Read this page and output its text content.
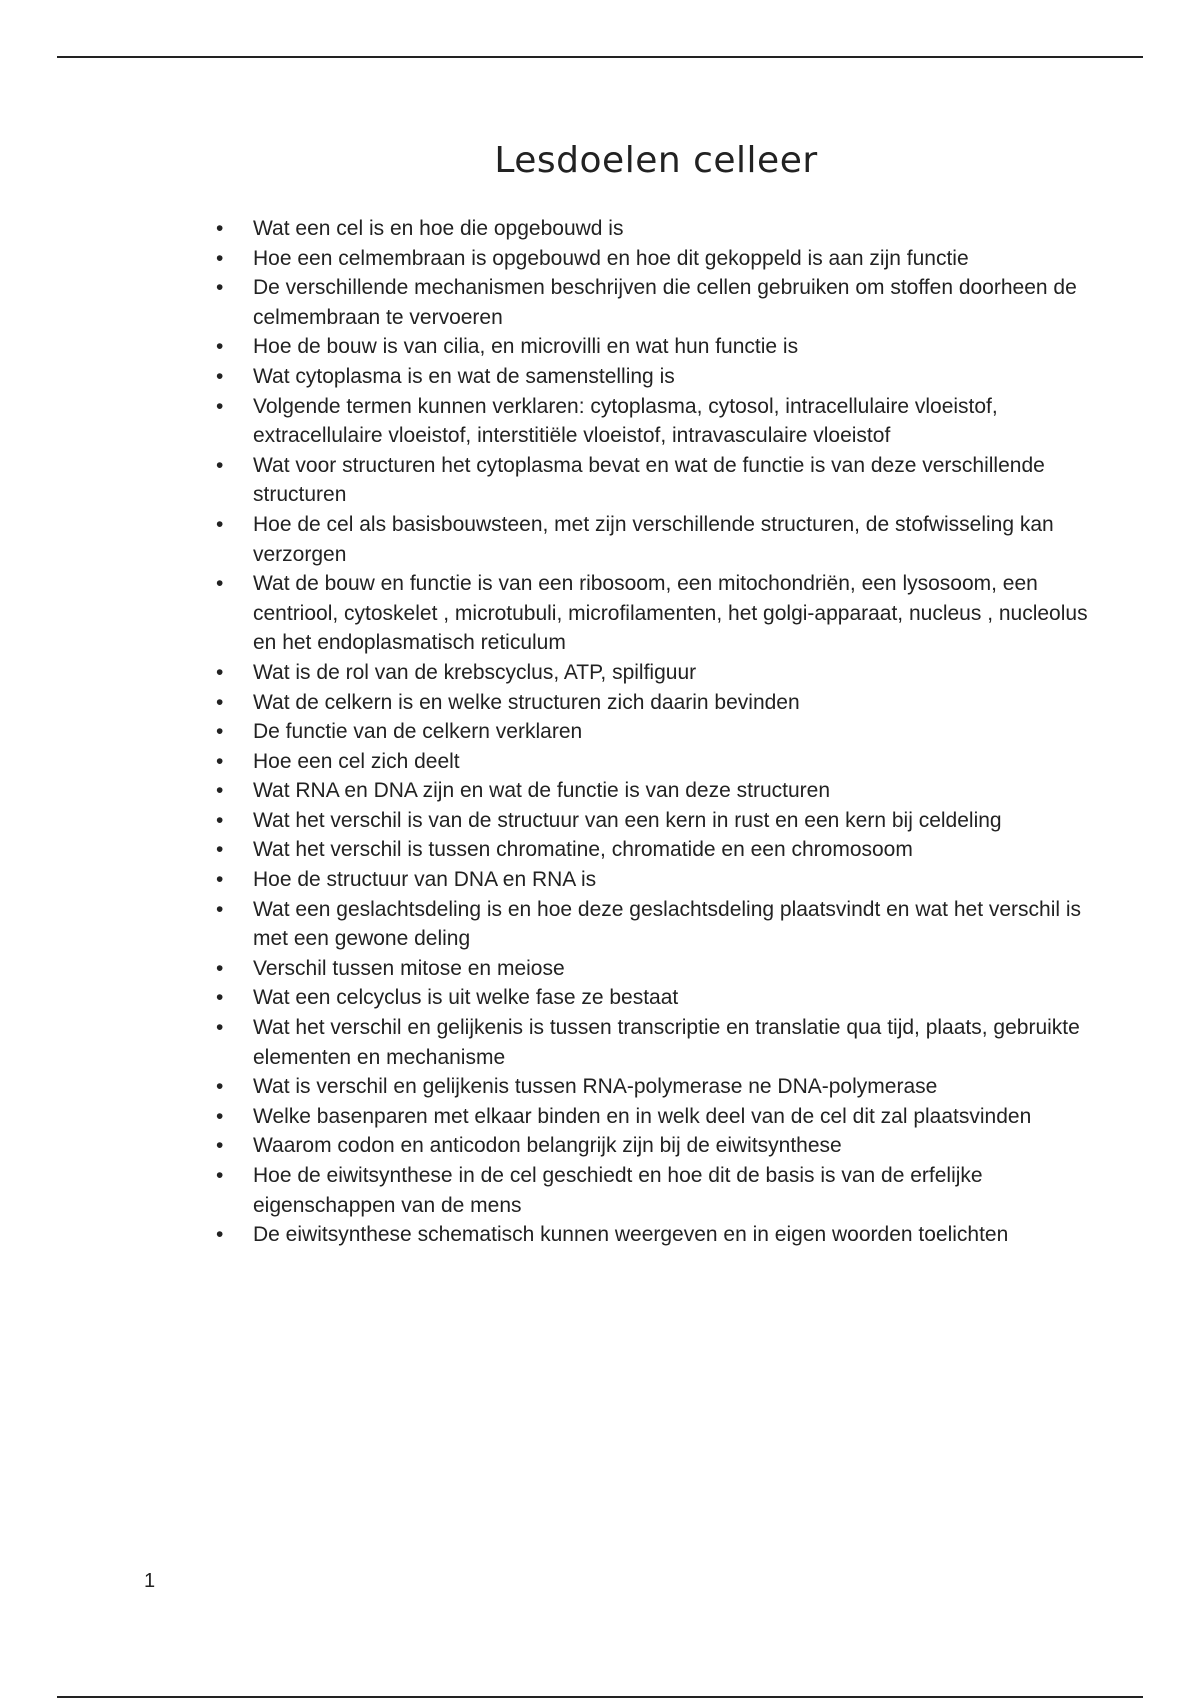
Lesdoelen celleer
• Wat een cel is en hoe die opgebouwd is
• Hoe een celmembraan is opgebouwd en hoe dit gekoppeld is aan zijn functie
• De verschillende mechanismen beschrijven die cellen gebruiken om stoffen doorheen de celmembraan te vervoeren
• Hoe de bouw is van cilia, en microvilli en wat hun functie is
• Wat cytoplasma is en wat de samenstelling is
• Volgende termen kunnen verklaren: cytoplasma, cytosol, intracellulaire vloeistof, extracellulaire vloeistof, interstitiële vloeistof, intravasculaire vloeistof
• Wat voor structuren het cytoplasma bevat en wat de functie is van deze verschillende structuren
• Hoe de cel als basisbouwsteen, met zijn verschillende structuren, de stofwisseling kan verzorgen
• Wat de bouw en functie is van een ribosoom, een mitochondriën, een lysosoom, een centriool, cytoskelet , microtubuli, microfilamenten, het golgi-apparaat, nucleus , nucleolus en het endoplasmatisch reticulum
• Wat is de rol van de krebscyclus, ATP, spilfiguur
• Wat de celkern is en welke structuren zich daarin bevinden
• De functie van de celkern verklaren
• Hoe een cel zich deelt
• Wat RNA en DNA zijn en wat de functie is van deze structuren
• Wat het verschil is van de structuur van een kern in rust en een kern bij celdeling
• Wat het verschil is tussen chromatine, chromatide en een chromosoom
• Hoe de structuur van DNA en RNA is
• Wat een geslachtsdeling is en hoe deze geslachtsdeling plaatsvindt en wat het verschil is met een gewone deling
• Verschil tussen mitose en meiose
• Wat een celcyclus is uit welke fase ze bestaat
• Wat het verschil en gelijkenis is tussen transcriptie en translatie qua tijd, plaats, gebruikte elementen en mechanisme
• Wat is verschil en gelijkenis tussen RNA-polymerase ne DNA-polymerase
• Welke basenparen met elkaar binden en in welk deel van de cel dit zal plaatsvinden
• Waarom codon en anticodon belangrijk zijn bij de eiwitsynthese
• Hoe de eiwitsynthese in de cel geschiedt en hoe dit de basis is van de erfelijke eigenschappen van de mens
• De eiwitsynthese schematisch kunnen weergeven en in eigen woorden toelichten
1
